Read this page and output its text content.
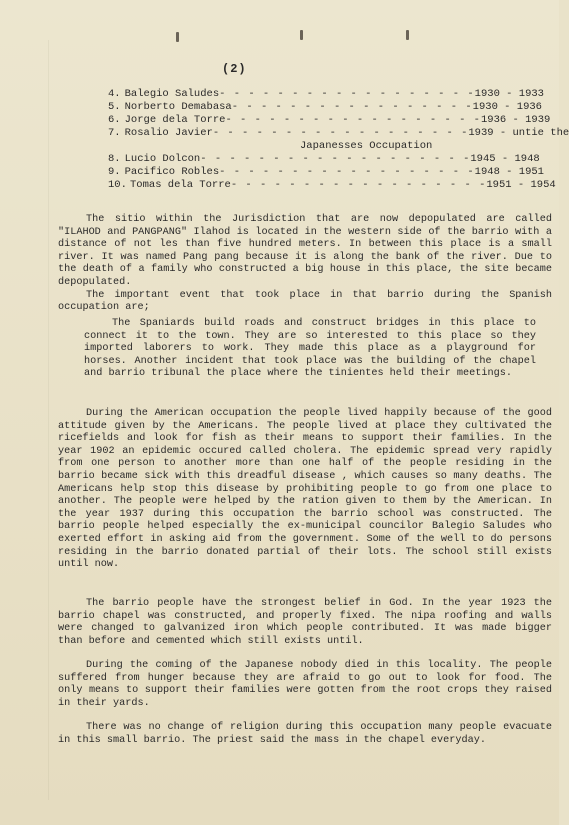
(2)
4. Balegio Saludes - - - - - - - - - - - - - - - - - - 1930 - 1933
5. Norberto Demabasa - - - - - - - - - - - - - - - - - 1930 - 1936
6. Jorge dela Torre - - - - - - - - - - - - - - - - - - 1936 - 1939
7. Rosalio Javier - - - - - - - - - - - - - - - - - - 1939 - untie the
Japanesses Occupation
8. Lucio Dolcon - - - - - - - - - - - - - - - - - - - 1945 - 1948
9. Pacifico Robles - - - - - - - - - - - - - - - - - - 1948 - 1951
10. Tomas dela Torre - - - - - - - - - - - - - - - - - - 1951 - 1954

The sitio within the Jurisdiction that are now depopulated are called "ILAHOD and PANGPANG" Ilahod is located in the western side of the barrio with a distance of not les than five hundred meters. In between this place is a small river. It was named Pang pang because it is along the bank of the river. Due to the death of a family who constructed a big house in this place, the site became depopulated.

The important event that took place in that barrio during the Spanish occupation are;

The Spaniards build roads and construct bridges in this place to connect it to the town. They are so interested to this place so they imported laborers to work. They made this place as a playground for horses. Another incident that took place was the building of the chapel and barrio tribunal the place where the tinientes held their meetings.

During the American occupation the people lived happily because of the good attitude given by the Americans. The people lived at place they cultivated the ricefields and look for fish as their means to support their families. In the year 1902 an epidemic occured called cholera. The epidemic spread very rapidly from one person to another more than one half of the people residing in the barrio became sick with this dreadful disease , which causes so many deaths. The Americans help stop this disease by prohibiting people to go from one place to another. The people were helped by the ration given to them by the American. In the year 1937 during this occupation the barrio school was constructed. The barrio people helped especially the ex-municipal councilor Balegio Saludes who exerted effort in asking aid from the government. Some of the well to do persons residing in the barrio donated partial of their lots. The school still exists until now.

The barrio people have the strongest belief in God. In the year 1923 the barrio chapel was constructed, and properly fixed. The nipa roofing and walls were changed to galvanized iron which people contributed. It was made bigger than before and cemented which still exists until.

During the coming of the Japanese nobody died in this locality. The people suffered from hunger because they are afraid to go out to look for food. The only means to support their families were gotten from the root crops they raised in their yards.

There was no change of religion during this occupation many people evacuate in this small barrio. The priest said the mass in the chapel everyday.
